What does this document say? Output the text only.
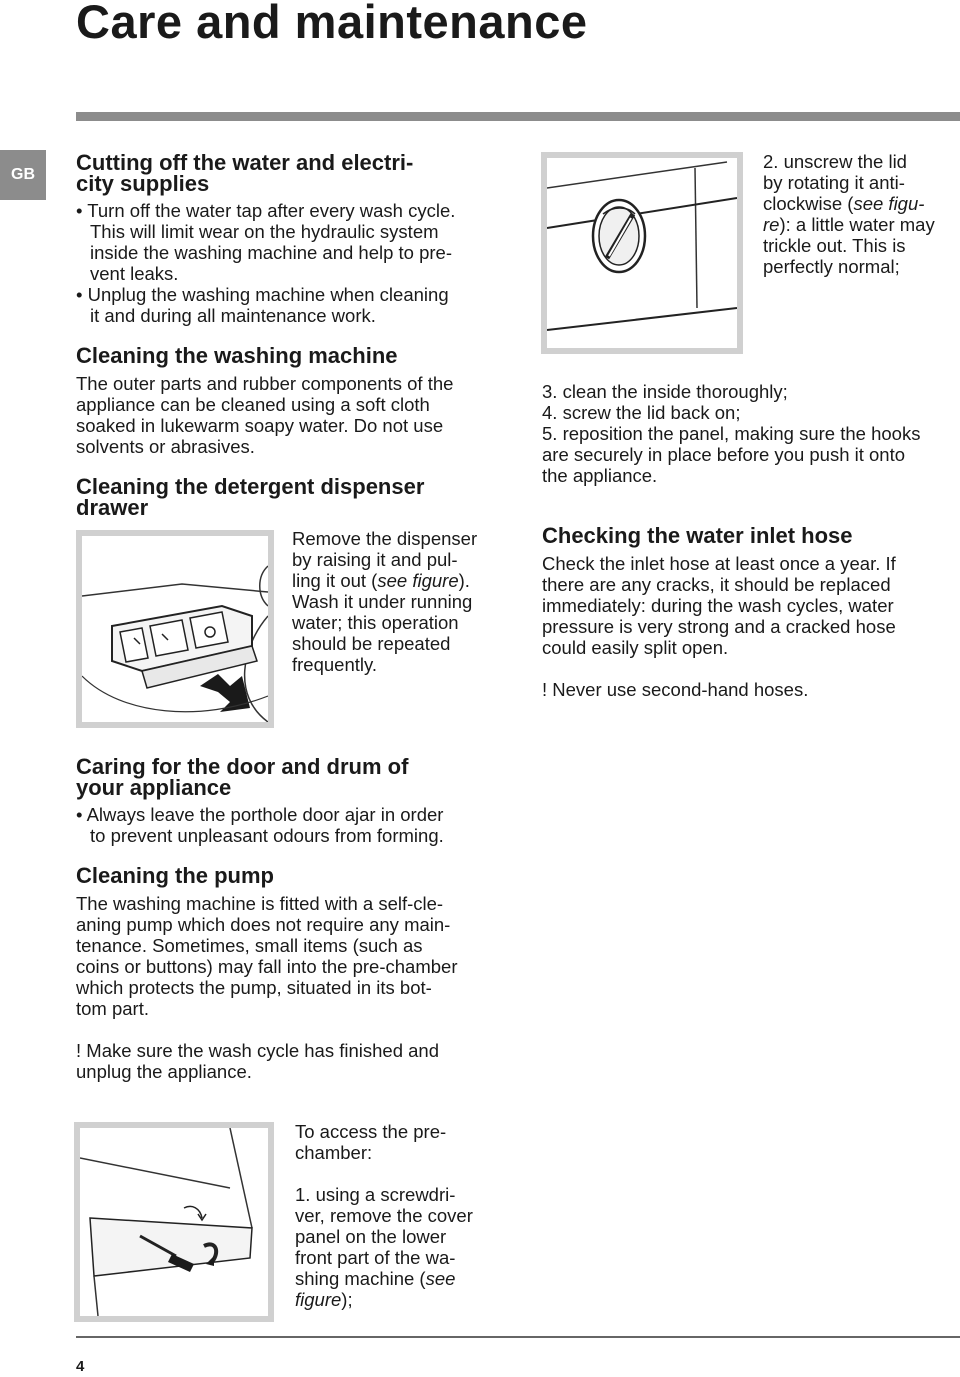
Care and maintenance
GB	Cutting off the water and electri-
city supplies

• Turn off the water tap after every wash cycle.
This will limit wear on the hydraulic system
inside the washing machine and help to pre-
vent leaks.

• Unplug the washing machine when cleaning
it and during all maintenance work.

Cleaning the washing machine
The outer parts and rubber components of the
appliance can be cleaned using a soft cloth
soaked in lukewarm soapy water. Do not use
solvents or abrasives.
Cleaning the detergent dispenser
drawer
Remove the dispenser
by raising it and pul-
ling it out (see figure).
Wash it under running
water; this operation
should be repeated
frequently.
Caring for the door and drum of
your appliance
• Always leave the porthole door ajar in order
to prevent unpleasant odours from forming.
Cleaning the pump
The washing machine is fitted with a self-cle-
aning pump which does not require any main-
tenance. Sometimes, small items (such as
coins or buttons) may fall into the pre-chamber
which protects the pump, situated in its bot-
tom part.
! Make sure the wash cycle has finished and
unplug the appliance.
To access the pre-
chamber:

1. using a screwdri-
ver, remove the cover
panel on the lower
front part of the wa-
shing machine (see
figure);
2. unscrew the lid
by rotating it anti-
clockwise (see figu-
re): a little water may
trickle out. This is
perfectly normal;
3. clean the inside thoroughly;
4. screw the lid back on;
5. reposition the panel, making sure the hooks
are securely in place before you push it onto
the appliance.
Checking the water inlet hose
Check the inlet hose at least once a year. If
there are any cracks, it should be replaced
immediately: during the wash cycles, water
pressure is very strong and a cracked hose
could easily split open.
! Never use second-hand hoses.
4
